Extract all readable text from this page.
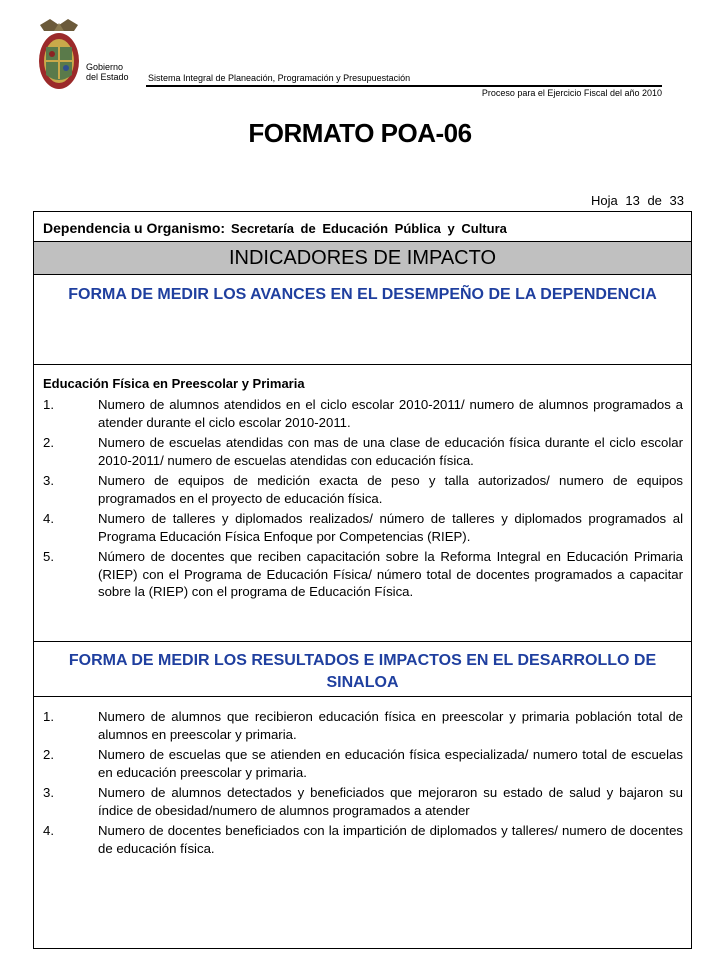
Gobierno
del Estado Sistema Integral de Planeación, Programación y Presupuestación
Proceso para el Ejercicio Fiscal del año 2010
FORMATO POA-06
Hoja 13 de 33
Dependencia u Organismo: Secretaría de Educación Pública y Cultura
INDICADORES DE IMPACTO
FORMA DE MEDIR LOS AVANCES EN EL DESEMPEÑO DE LA DEPENDENCIA
Educación Física en Preescolar y Primaria
1.	Numero de alumnos atendidos en el ciclo escolar 2010-2011/ numero de alumnos programados a atender durante el ciclo escolar 2010-2011.
2.	Numero de escuelas atendidas con mas de una clase de educación física durante el ciclo escolar 2010-2011/ numero de escuelas atendidas con educación física.
3.	Numero de equipos de medición exacta de peso y talla autorizados/ numero de equipos programados en el proyecto de educación física.
4.	Numero de talleres y diplomados realizados/ número de talleres y diplomados programados al Programa Educación Física Enfoque por Competencias (RIEP).
5.	Número de docentes que reciben capacitación sobre la Reforma Integral en Educación Primaria (RIEP) con el Programa de Educación Física/ número total de docentes programados a capacitar sobre la (RIEP) con el programa de Educación Física.
FORMA DE MEDIR LOS RESULTADOS E IMPACTOS EN EL DESARROLLO DE SINALOA
1.	Numero de alumnos que recibieron educación física en preescolar y primaria población total de alumnos en preescolar y primaria.
2.	Numero de escuelas que se atienden en educación física especializada/ numero total de escuelas en educación preescolar y primaria.
3.	Numero de alumnos detectados y beneficiados que mejoraron su estado de salud y bajaron su índice de obesidad/numero de alumnos programados a atender
4.	Numero de docentes beneficiados con la impartición de diplomados y talleres/ numero de docentes de educación física.
